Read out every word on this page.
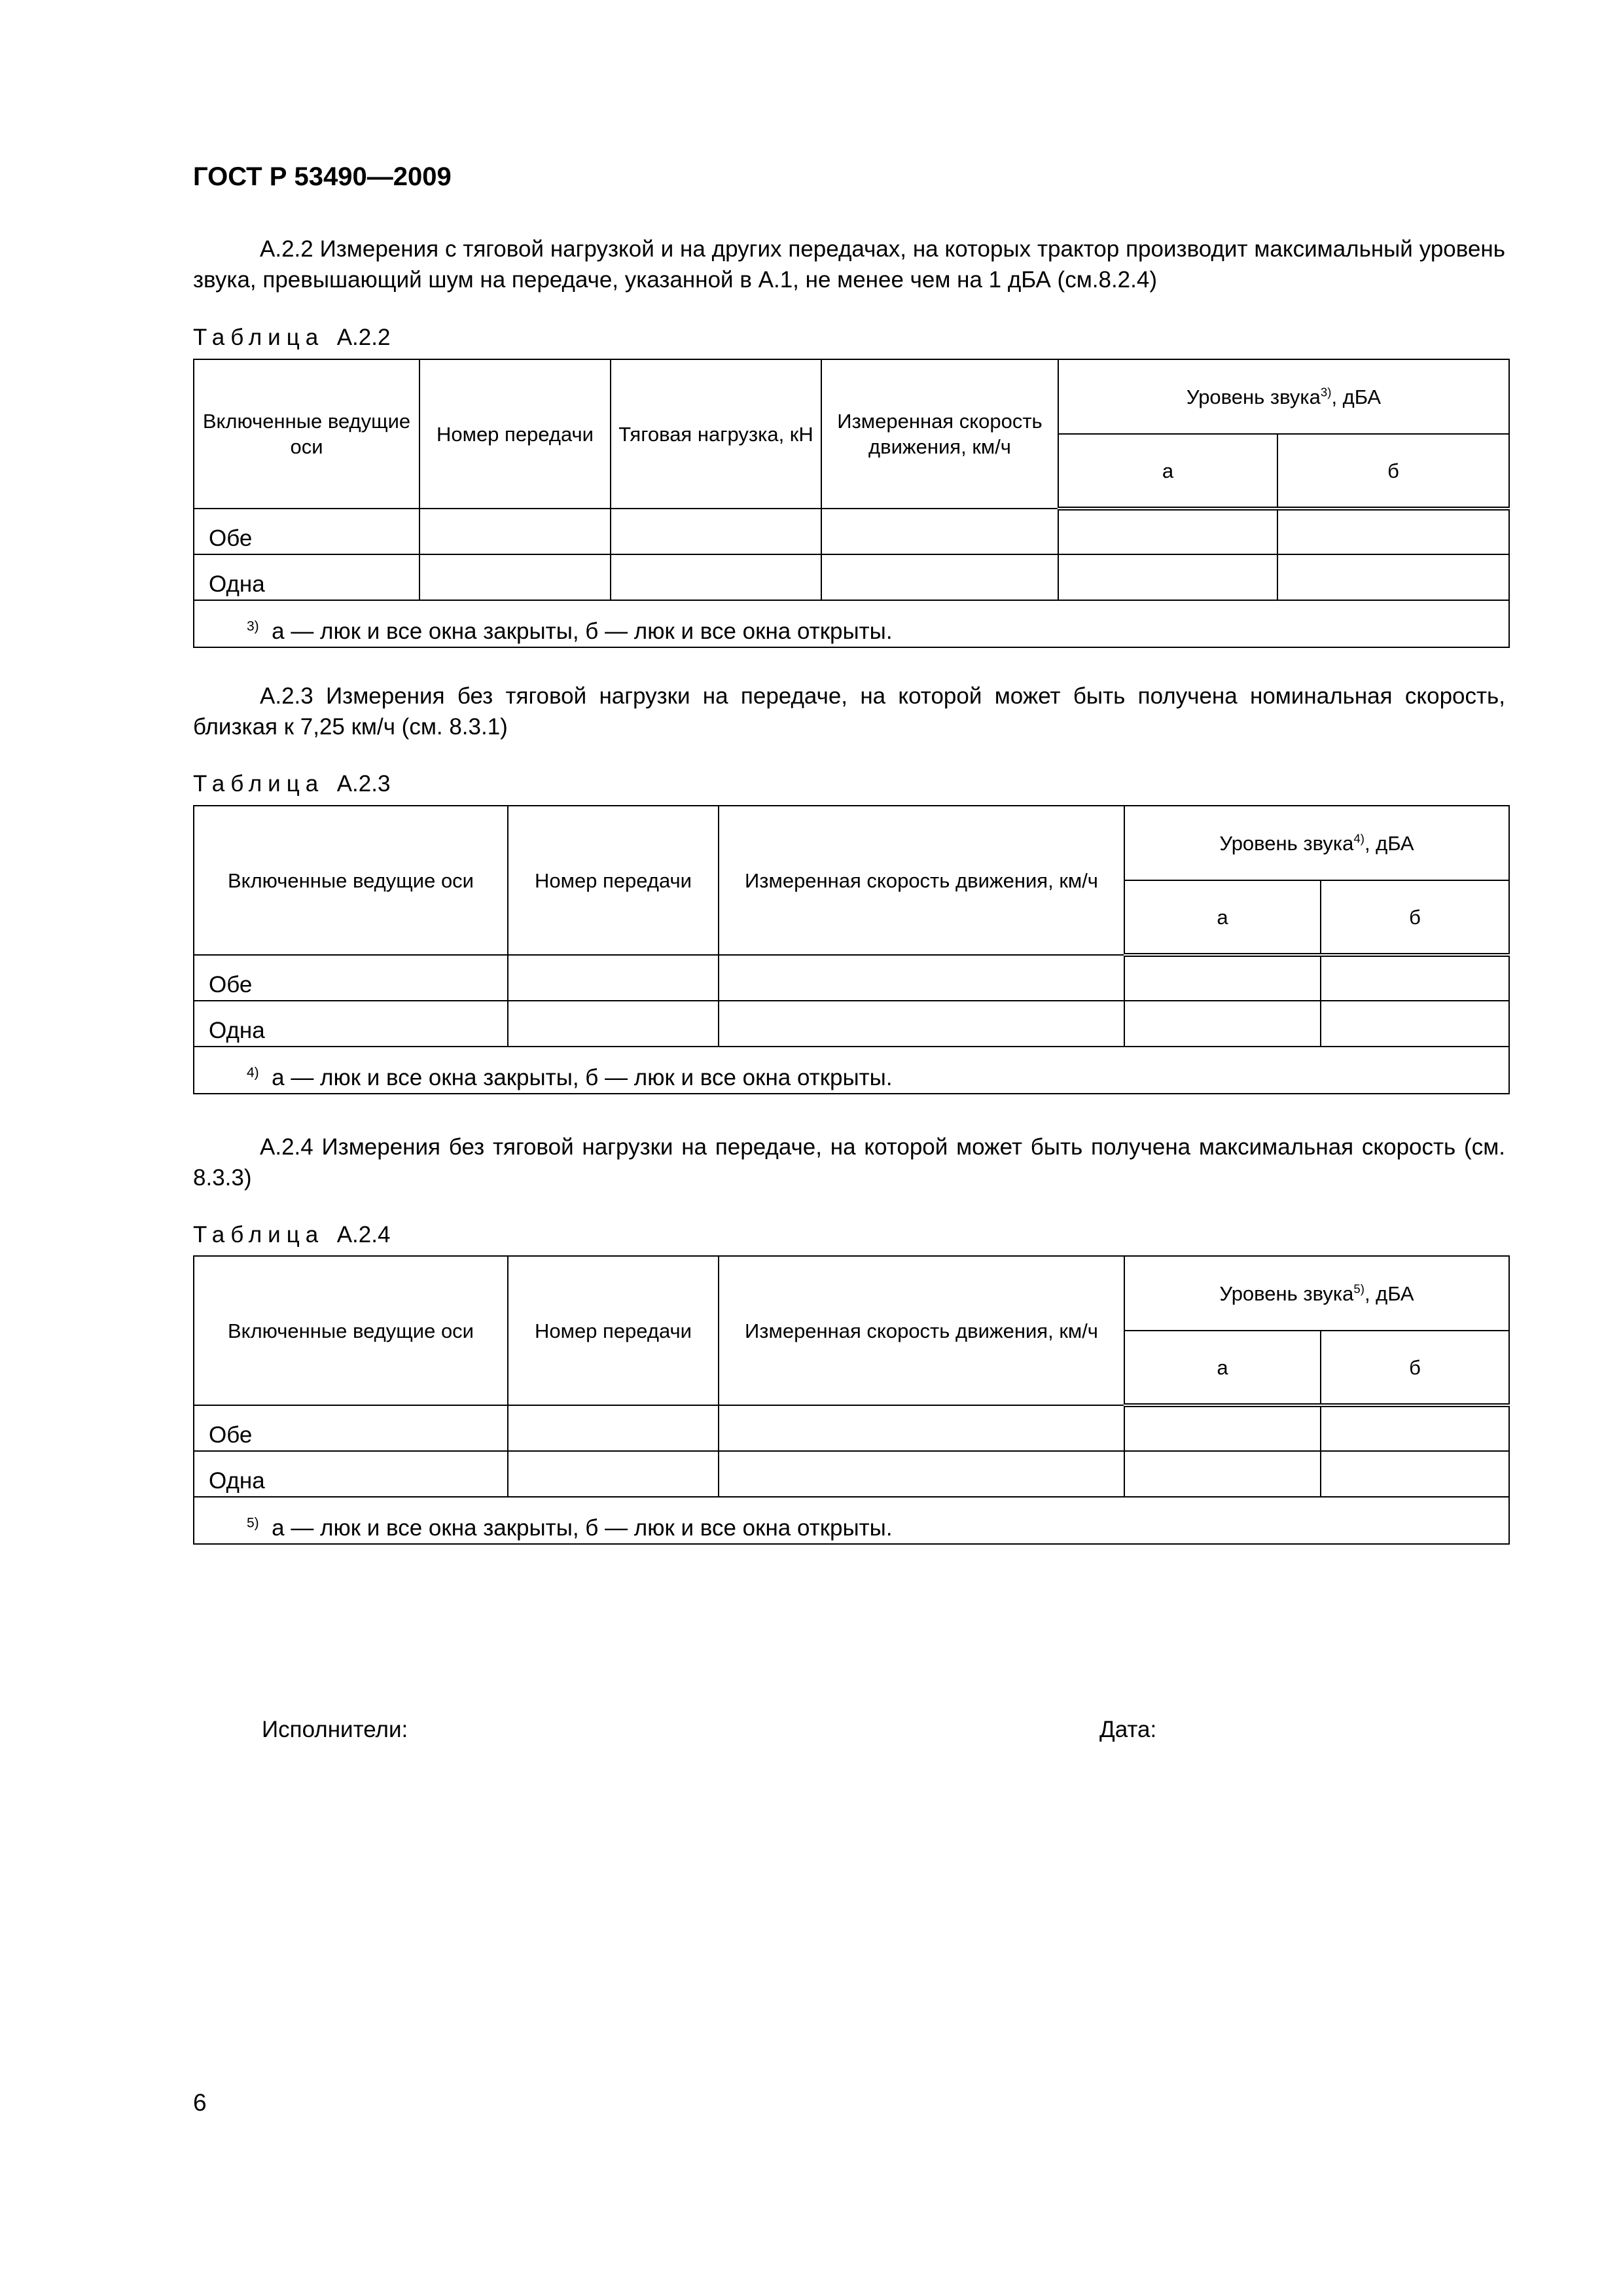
ГОСТ Р 53490—2009
А.2.2 Измерения с тяговой нагрузкой и на других передачах, на которых трактор производит максимальный уровень звука, превышающий шум на передаче, указанной в А.1, не менее чем на 1 дБА (см.8.2.4)
Таблица А.2.2
Включенные ведущие оси	Номер передачи	Тяговая нагрузка, кН	Измеренная скорость движения, км/ч	Уровень звука$^{3)}$, дБА	
				а	б
Обе					
Одна					
$^{3)}$ а — люк и все окна закрыты, б — люк и все окна открыты.					
А.2.3 Измерения без тяговой нагрузки на передаче, на которой может быть получена номинальная скорость, близкая к 7,25 км/ч (см. 8.3.1)
Таблица А.2.3
Включенные ведущие оси	Номер передачи	Измеренная скорость движения, км/ч	Уровень звука$^{4)}$, дБА	
			а	б
Обе				
Одна				
$^{4)}$ а — люк и все окна закрыты, б — люк и все окна открыты.				
А.2.4 Измерения без тяговой нагрузки на передаче, на которой может быть получена максимальная скорость (см. 8.3.3)
Таблица А.2.4
Включенные ведущие оси	Номер передачи	Измеренная скорость движения, км/ч	Уровень звука$^{5)}$, дБА	
			а	б
Обе				
Одна				
$^{5)}$ а — люк и все окна закрыты, б — люк и все окна открыты.				
Исполнители:	Дата:
6
